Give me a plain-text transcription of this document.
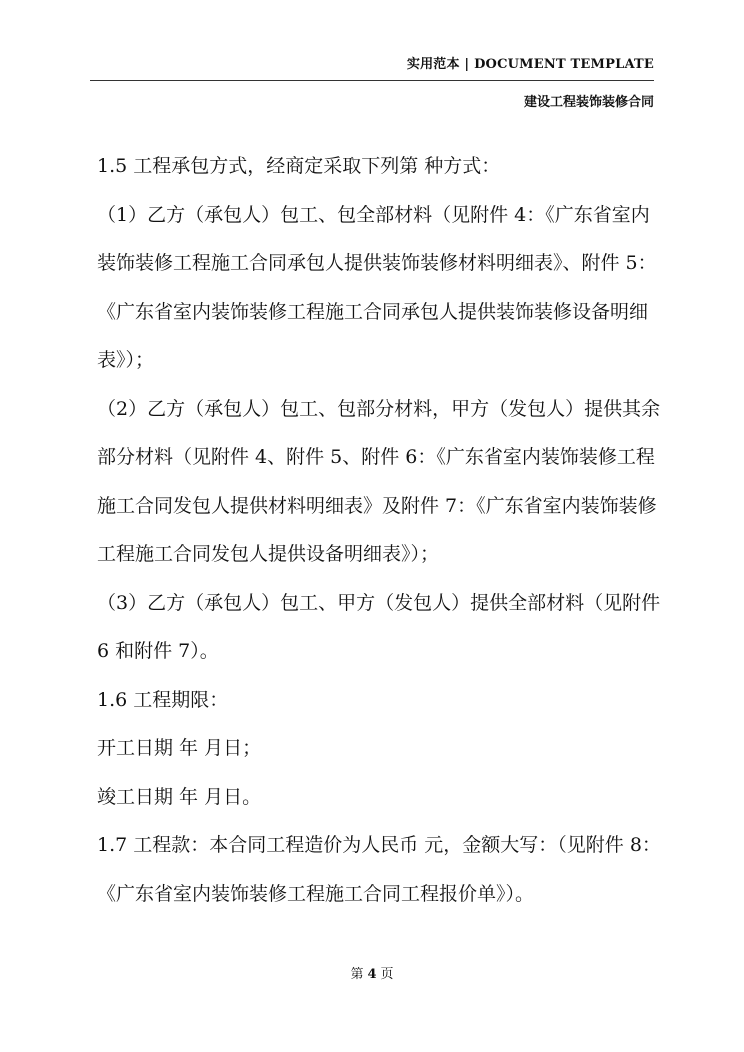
实用范本 | DOCUMENT TEMPLATE
建设工程装饰装修合同

1.5 工程承包方式，经商定采取下列第 种方式：

（1）乙方（承包人）包工、包全部材料（见附件 4：《广东省室内

装饰装修工程施工合同承包人提供装饰装修材料明细表》、附件 5：

《广东省室内装饰装修工程施工合同承包人提供装饰装修设备明细

表》）；

（2）乙方（承包人）包工、包部分材料，甲方（发包人）提供其余

部分材料（见附件 4、附件 5、附件 6：《广东省室内装饰装修工程

施工合同发包人提供材料明细表》及附件 7：《广东省室内装饰装修

工程施工合同发包人提供设备明细表》）；

（3）乙方（承包人）包工、甲方（发包人）提供全部材料（见附件

6 和附件 7）。

1.6 工程期限：

开工日期 年 月日；

竣工日期 年 月日。

1.7 工程款：本合同工程造价为人民币 元，金额大写：（见附件 8：

《广东省室内装饰装修工程施工合同工程报价单》）。

第 4 页
